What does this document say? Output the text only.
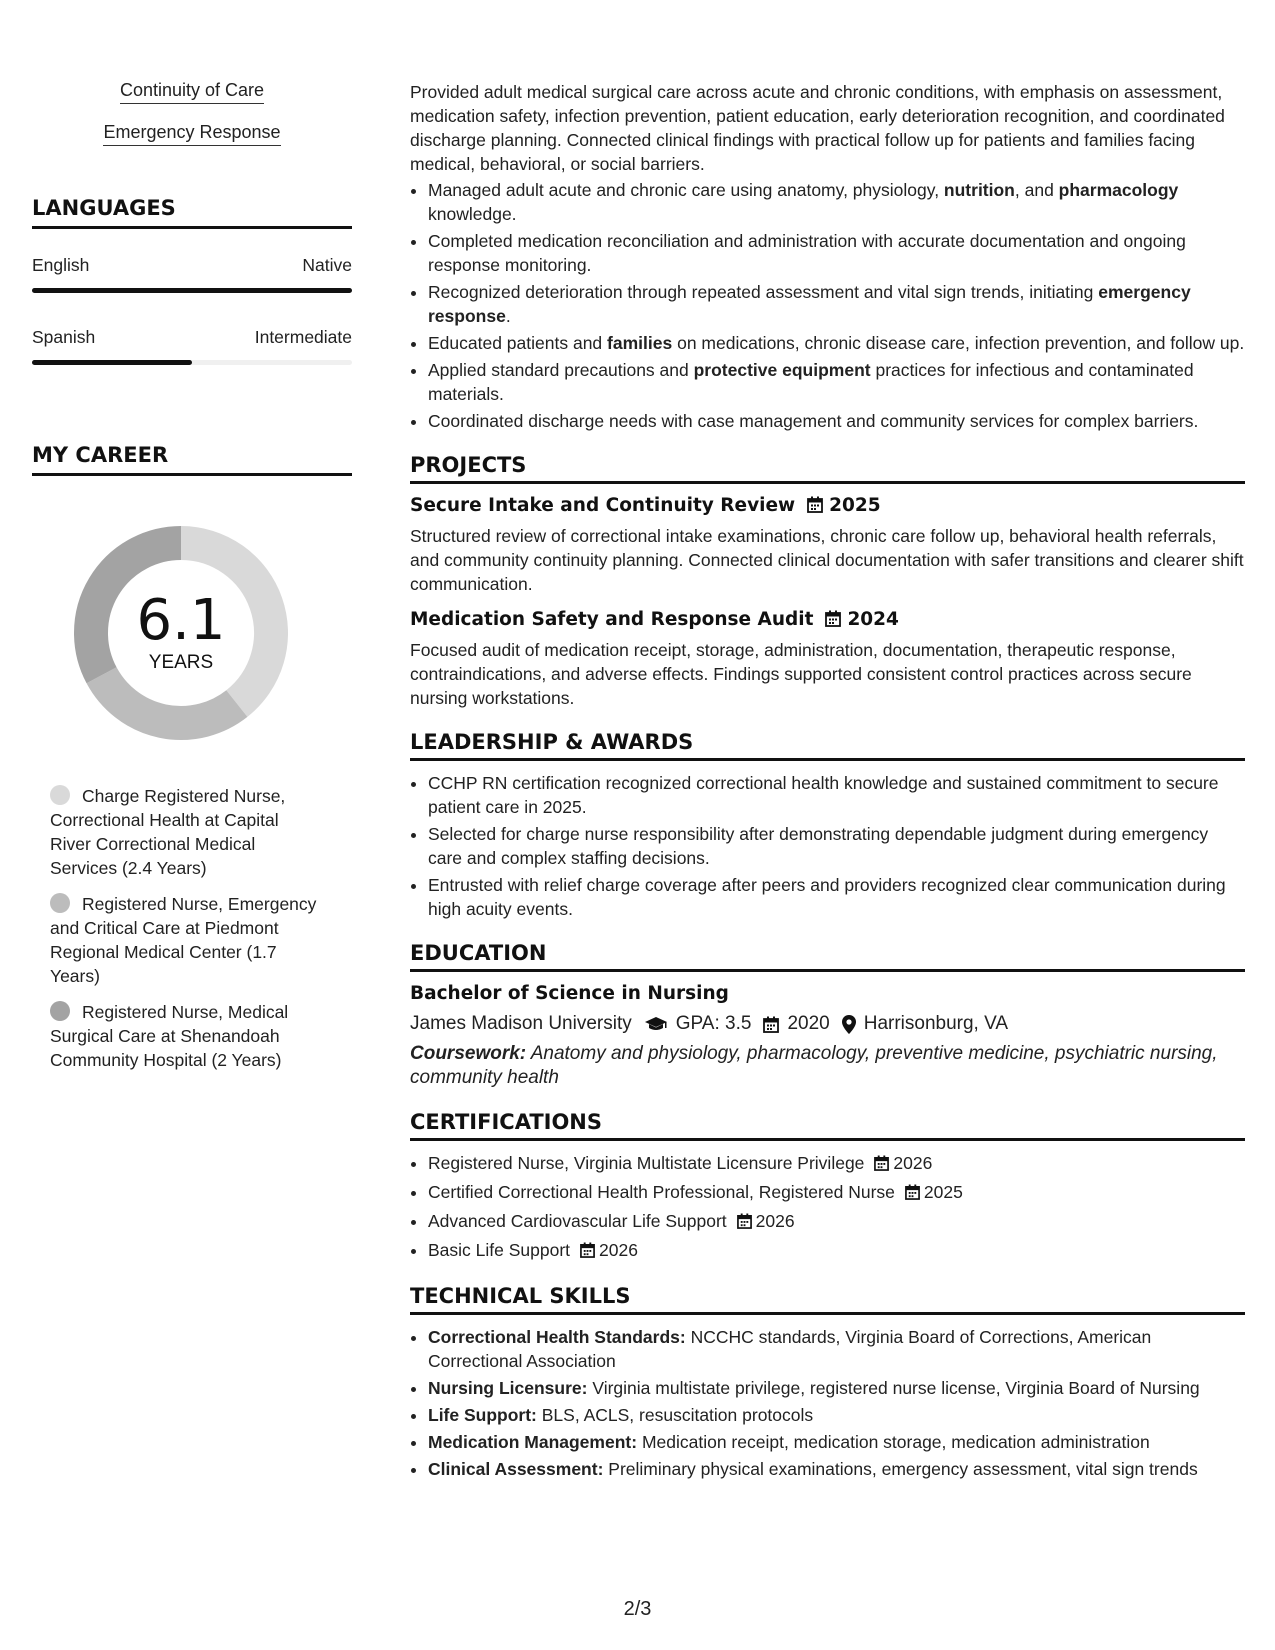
Continuity of Care
Emergency Response
LANGUAGES
English	Native
Spanish	Intermediate
MY CAREER
6.1
YEARS
Charge Registered Nurse, Correctional Health at Capital River Correctional Medical Services (2.4 Years)
Registered Nurse, Emergency and Critical Care at Piedmont Regional Medical Center (1.7 Years)
Registered Nurse, Medical Surgical Care at Shenandoah Community Hospital (2 Years)

Provided adult medical surgical care across acute and chronic conditions, with emphasis on assessment, medication safety, infection prevention, patient education, early deterioration recognition, and coordinated discharge planning. Connected clinical findings with practical follow up for patients and families facing medical, behavioral, or social barriers.

• Managed adult acute and chronic care using anatomy, physiology, nutrition, and pharmacology knowledge.
• Completed medication reconciliation and administration with accurate documentation and ongoing response monitoring.
• Recognized deterioration through repeated assessment and vital sign trends, initiating emergency response.
• Educated patients and families on medications, chronic disease care, infection prevention, and follow up.
• Applied standard precautions and protective equipment practices for infectious and contaminated materials.
• Coordinated discharge needs with case management and community services for complex barriers.
PROJECTS
Secure Intake and Continuity Review 2025

Structured review of correctional intake examinations, chronic care follow up, behavioral health referrals, and community continuity planning. Connected clinical documentation with safer transitions and clearer shift communication.

Medication Safety and Response Audit 2024

Focused audit of medication receipt, storage, administration, documentation, therapeutic response, contraindications, and adverse effects. Findings supported consistent control practices across secure nursing workstations.

LEADERSHIP & AWARDS
• CCHP RN certification recognized correctional health knowledge and sustained commitment to secure patient care in 2025.
• Selected for charge nurse responsibility after demonstrating dependable judgment during emergency care and complex staffing decisions.
• Entrusted with relief charge coverage after peers and providers recognized clear communication during high acuity events.
EDUCATION
Bachelor of Science in Nursing
James Madison University GPA: 3.5 2020 Harrisonburg, VA
Coursework: Anatomy and physiology, pharmacology, preventive medicine, psychiatric nursing, community health
CERTIFICATIONS
• Registered Nurse, Virginia Multistate Licensure Privilege 2026
• Certified Correctional Health Professional, Registered Nurse 2025
• Advanced Cardiovascular Life Support 2026
• Basic Life Support 2026
TECHNICAL SKILLS
• Correctional Health Standards: NCCHC standards, Virginia Board of Corrections, American Correctional Association
• Nursing Licensure: Virginia multistate privilege, registered nurse license, Virginia Board of Nursing
• Life Support: BLS, ACLS, resuscitation protocols
• Medication Management: Medication receipt, medication storage, medication administration
• Clinical Assessment: Preliminary physical examinations, emergency assessment, vital sign trends
2/3
